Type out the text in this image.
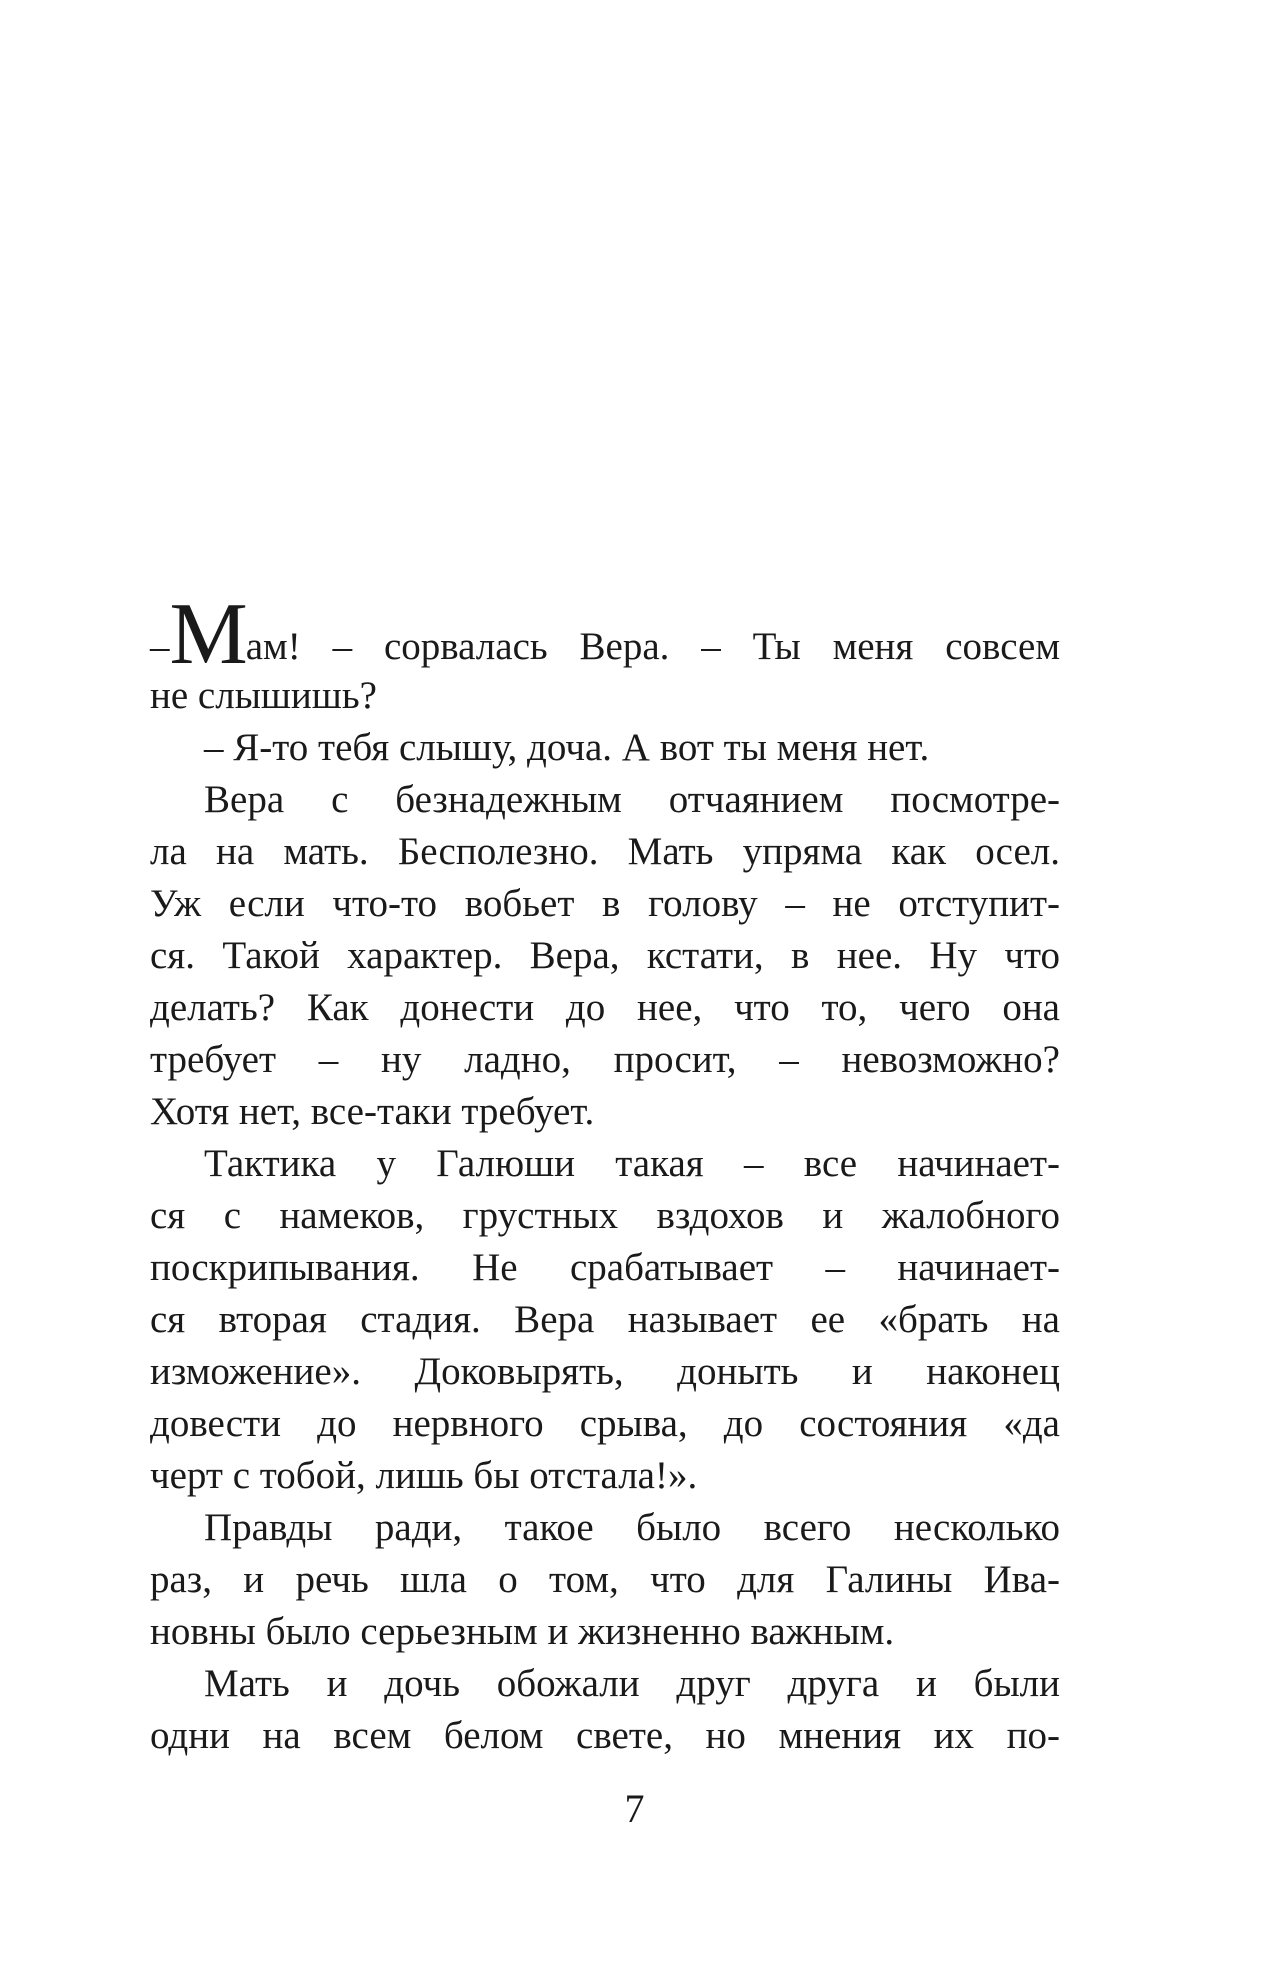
–Мам! – сорвалась Вера. – Ты меня совсем
не слышишь?
– Я-то тебя слышу, доча. А вот ты меня нет.
Вера с безнадежным отчаянием посмотре-
ла на мать. Бесполезно. Мать упряма как осел.
Уж если что-то вобьет в голову – не отступит-
ся. Такой характер. Вера, кстати, в нее. Ну что
делать? Как донести до нее, что то, чего она
требует – ну ладно, просит, – невозможно?
Хотя нет, все-таки требует.
Тактика у Галюши такая – все начинает-
ся с намеков, грустных вздохов и жалобного
поскрипывания. Не срабатывает – начинает-
ся вторая стадия. Вера называет ее «брать на
изможение». Доковырять, доныть и наконец
довести до нервного срыва, до состояния «да
черт с тобой, лишь бы отстала!».
Правды ради, такое было всего несколько
раз, и речь шла о том, что для Галины Ива-
новны было серьезным и жизненно важным.
Мать и дочь обожали друг друга и были
одни на всем белом свете, но мнения их по-
7
